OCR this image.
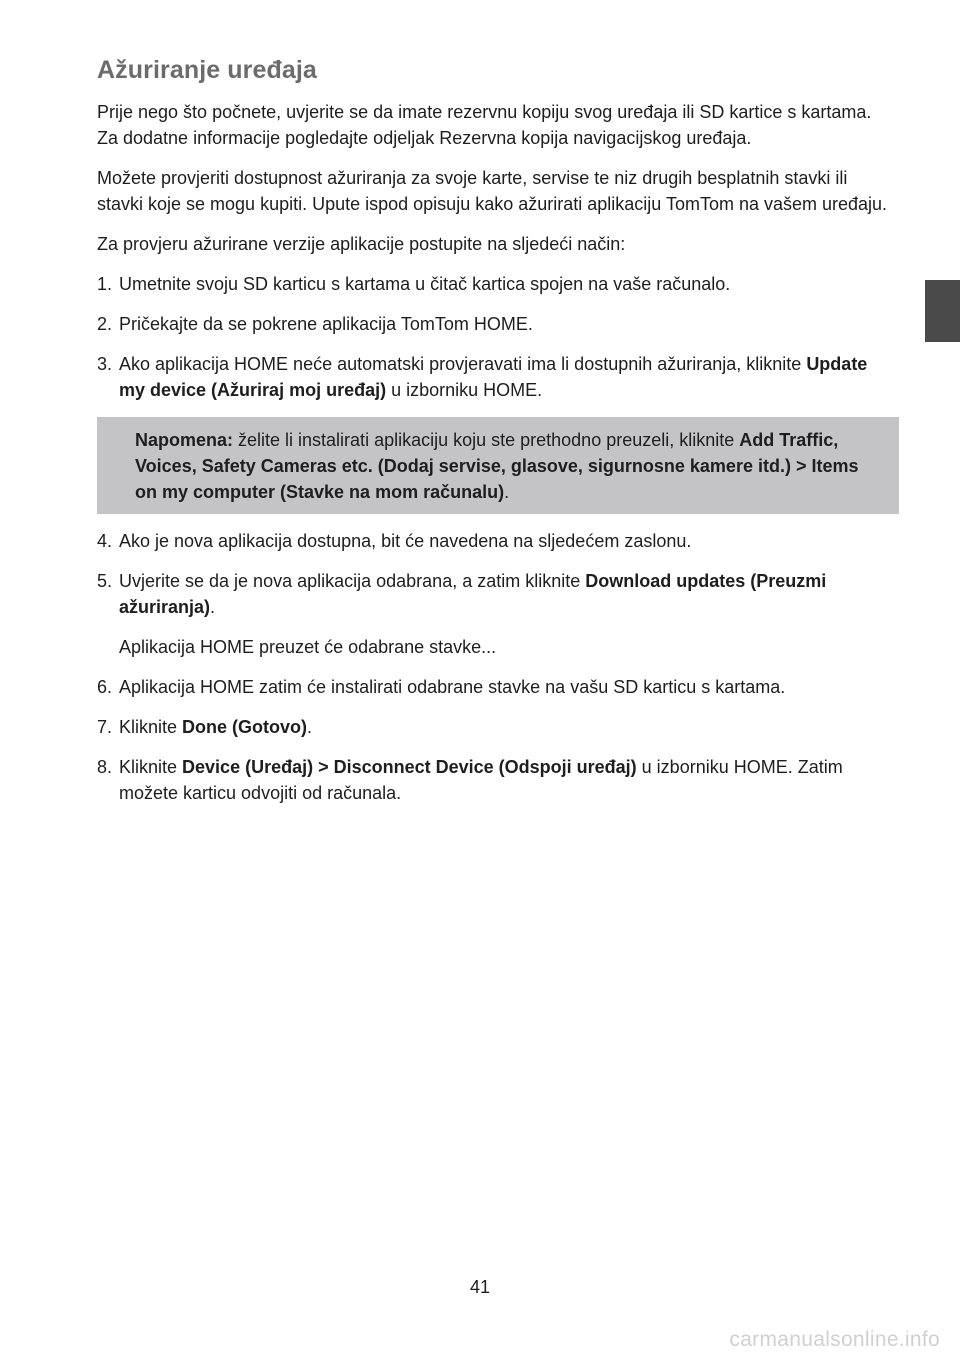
Ažuriranje uređaja

Prije nego što počnete, uvjerite se da imate rezervnu kopiju svog uređaja ili SD kartice s kartama. Za dodatne informacije pogledajte odjeljak Rezervna kopija navigacijskog uređaja.

Možete provjeriti dostupnost ažuriranja za svoje karte, servise te niz drugih besplatnih stavki ili stavki koje se mogu kupiti. Upute ispod opisuju kako ažurirati aplikaciju TomTom na vašem uređaju.

Za provjeru ažurirane verzije aplikacije postupite na sljedeći način:

1. Umetnite svoju SD karticu s kartama u čitač kartica spojen na vaše računalo.
2. Pričekajte da se pokrene aplikacija TomTom HOME.
3. Ako aplikacija HOME neće automatski provjeravati ima li dostupnih ažuriranja, kliknite Update my device (Ažuriraj moj uređaj) u izborniku HOME.
Napomena: želite li instalirati aplikaciju koju ste prethodno preuzeli, kliknite Add Traffic, Voices, Safety Cameras etc. (Dodaj servise, glasove, sigurnosne kamere itd.) > Items on my computer (Stavke na mom računalu).
4. Ako je nova aplikacija dostupna, bit će navedena na sljedećem zaslonu.
5. Uvjerite se da je nova aplikacija odabrana, a zatim kliknite Download updates (Preuzmi ažuriranja).
Aplikacija HOME preuzet će odabrane stavke...
6. Aplikacija HOME zatim će instalirati odabrane stavke na vašu SD karticu s kartama.
7. Kliknite Done (Gotovo).
8. Kliknite Device (Uređaj) > Disconnect Device (Odspoji uređaj) u izborniku HOME. Zatim možete karticu odvojiti od računala.
41
carmanualsonline.info
